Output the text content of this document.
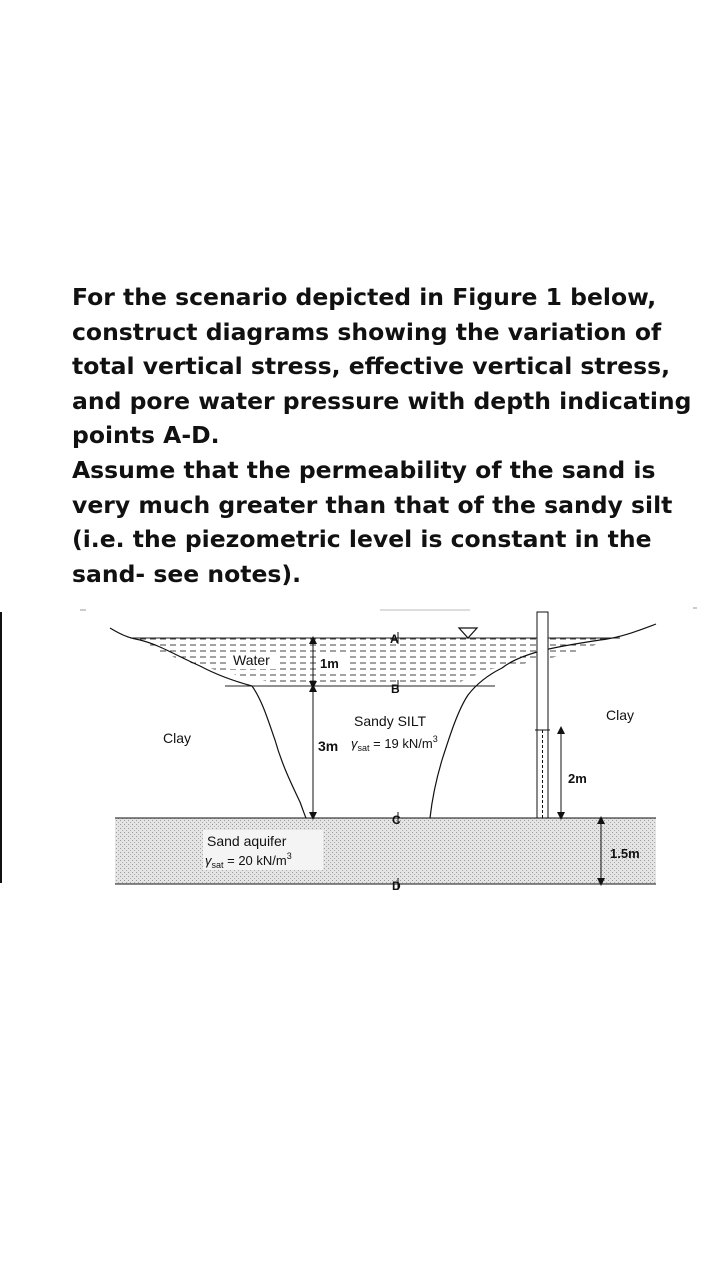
For the scenario depicted in Figure 1 below, construct diagrams showing the variation of total vertical stress, effective vertical stress, and pore water pressure with depth indicating points A-D.

Assume that the permeability of the sand is very much greater than that of the sandy silt (i.e. the piezometric level is constant in the sand- see notes).

Water	1m
A
B
C
D
Clay
Clay
Sandy SILT
3m $\gamma_{sat} = 19$ $kN/m^3$
2m
Sand aquifer
$\gamma_{sat} = 20$ $kN/m^3$	1.5m
